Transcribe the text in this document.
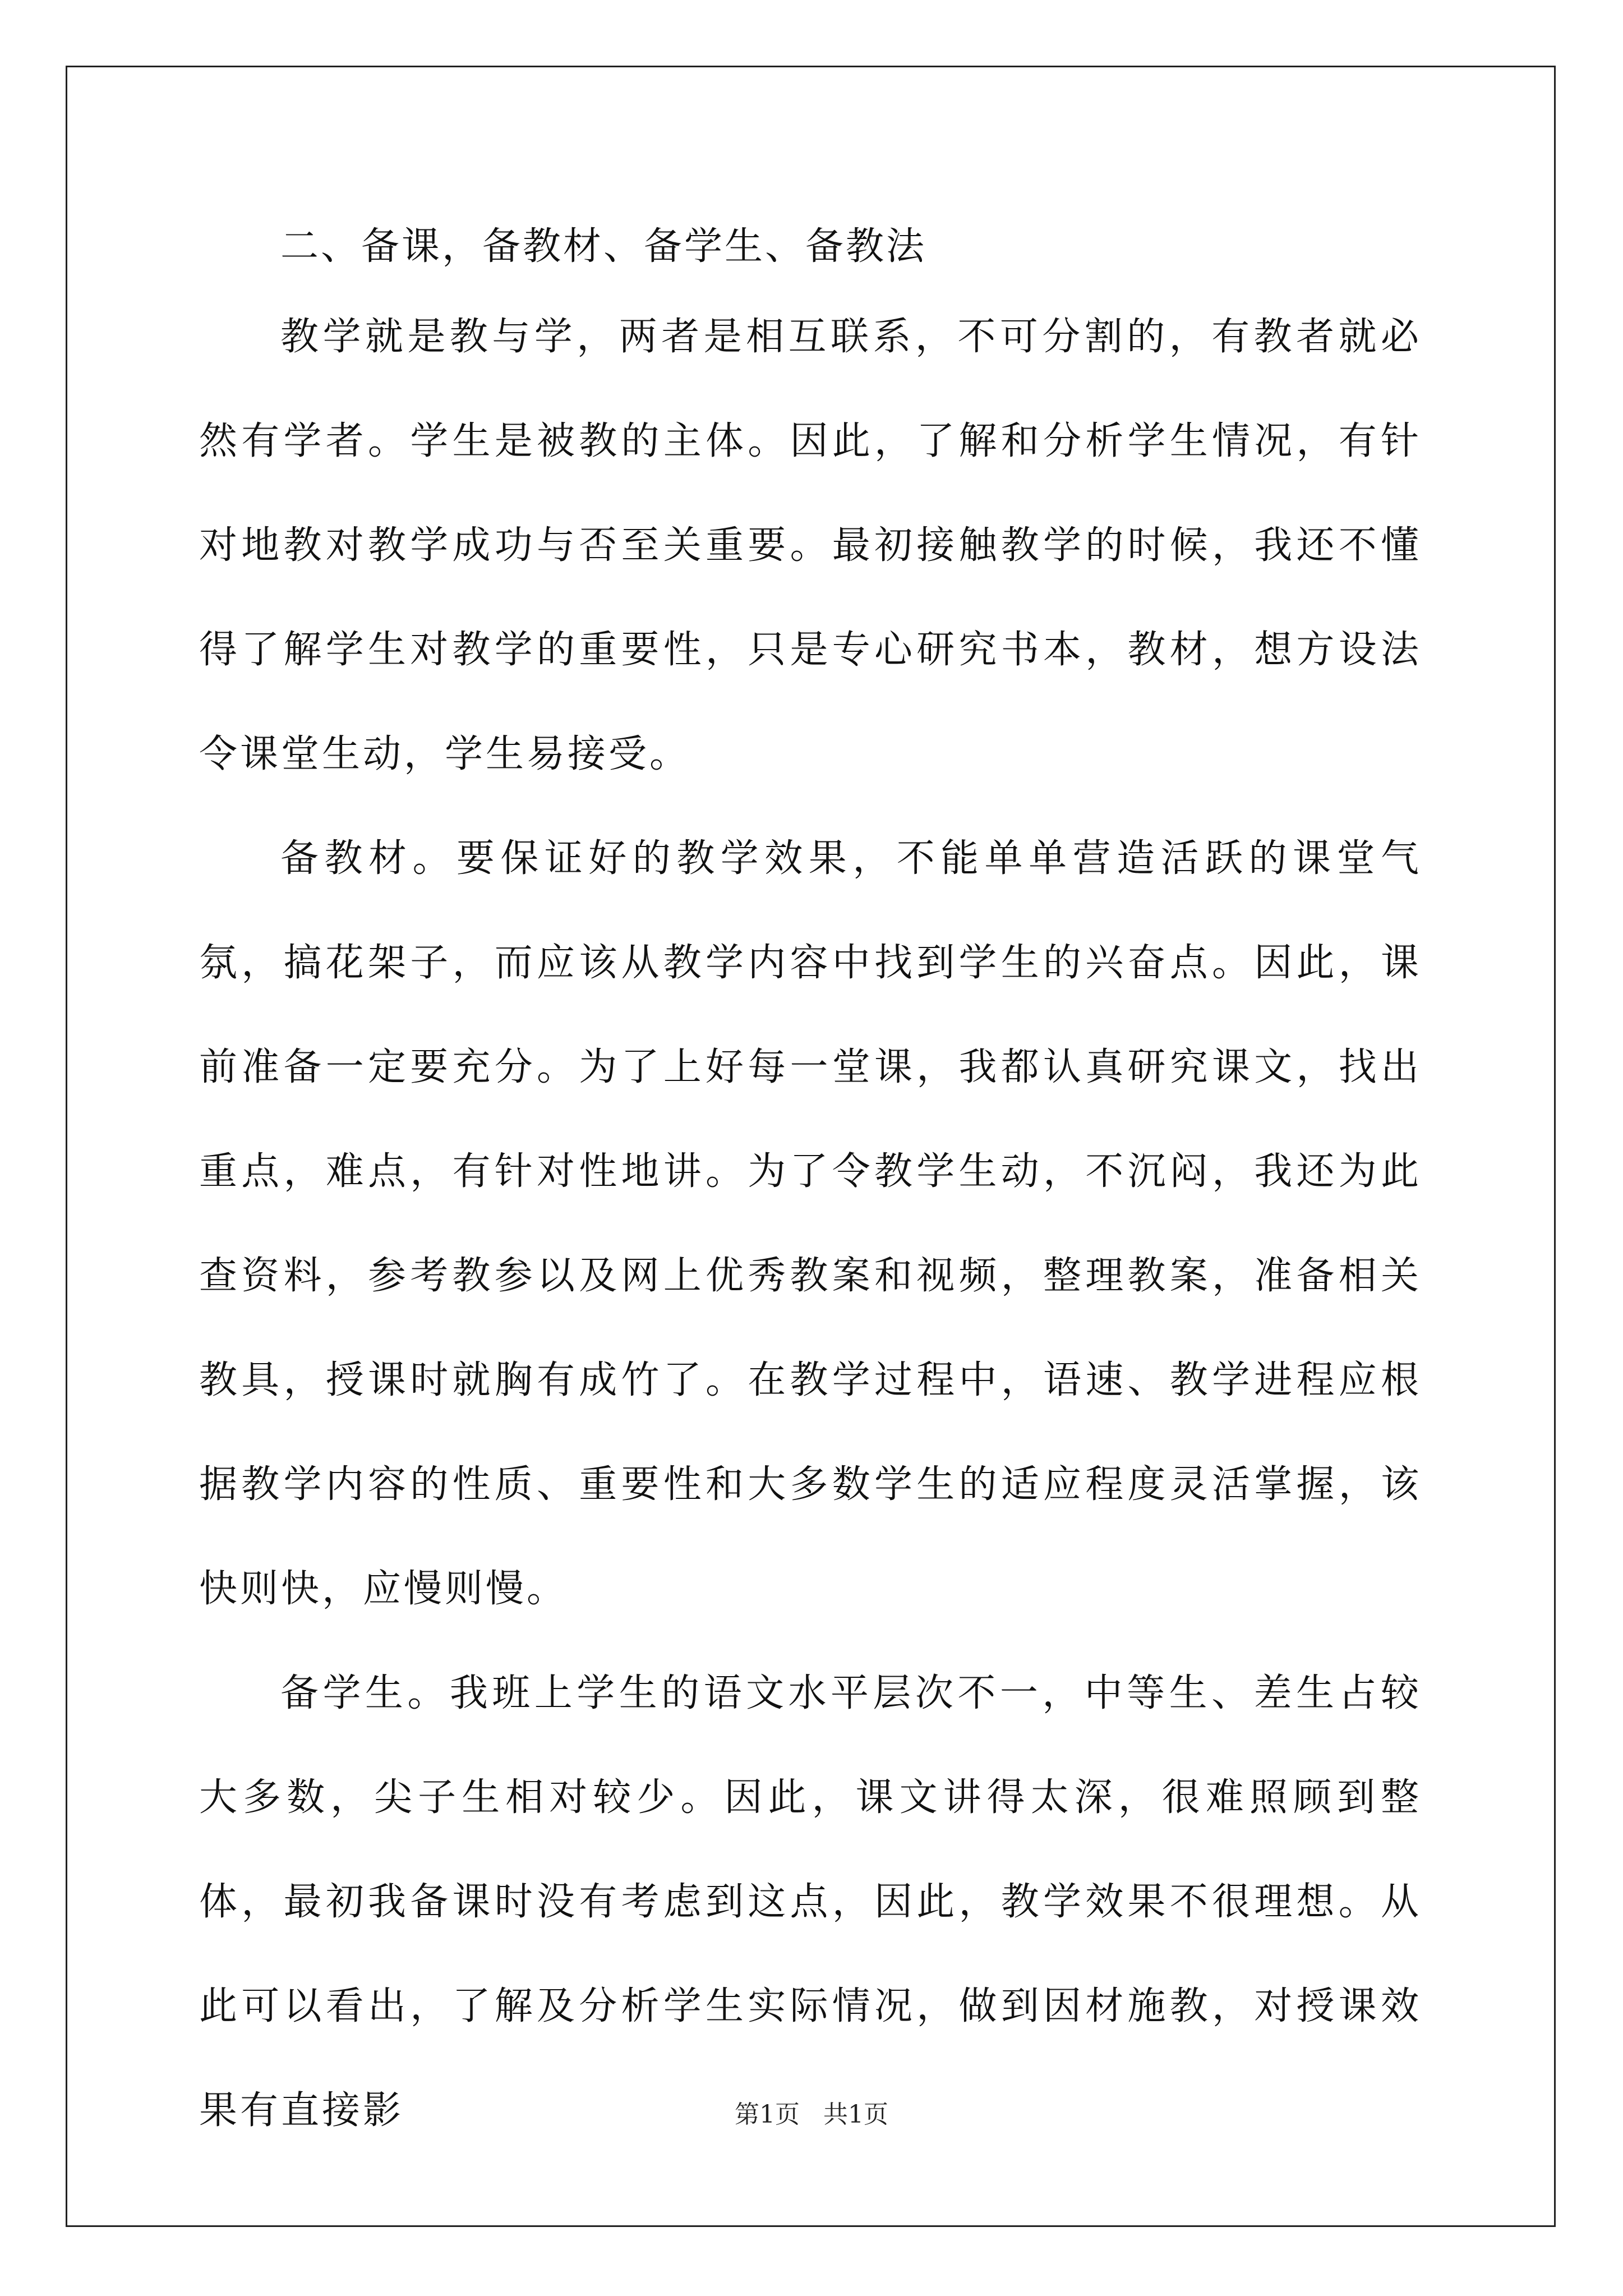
二、备课，备教材、备学生、备教法

教学就是教与学，两者是相互联系，不可分割的，有教者就必然有学者。学生是被教的主体。因此，了解和分析学生情况，有针对地教对教学成功与否至关重要。最初接触教学的时候，我还不懂得了解学生对教学的重要性，只是专心研究书本，教材，想方设法令课堂生动，学生易接受。

备教材。要保证好的教学效果，不能单单营造活跃的课堂气氛，搞花架子，而应该从教学内容中找到学生的兴奋点。因此，课前准备一定要充分。为了上好每一堂课，我都认真研究课文，找出重点，难点，有针对性地讲。为了令教学生动，不沉闷，我还为此查资料，参考教参以及网上优秀教案和视频，整理教案，准备相关教具，授课时就胸有成竹了。在教学过程中，语速、教学进程应根据教学内容的性质、重要性和大多数学生的适应程度灵活掌握，该快则快，应慢则慢。

备学生。我班上学生的语文水平层次不一，中等生、差生占较大多数，尖子生相对较少。因此，课文讲得太深，很难照顾到整体，最初我备课时没有考虑到这点，因此，教学效果不很理想。从此可以看出，了解及分析学生实际情况，做到因材施教，对授课效果有直接影	第1页   共1页
